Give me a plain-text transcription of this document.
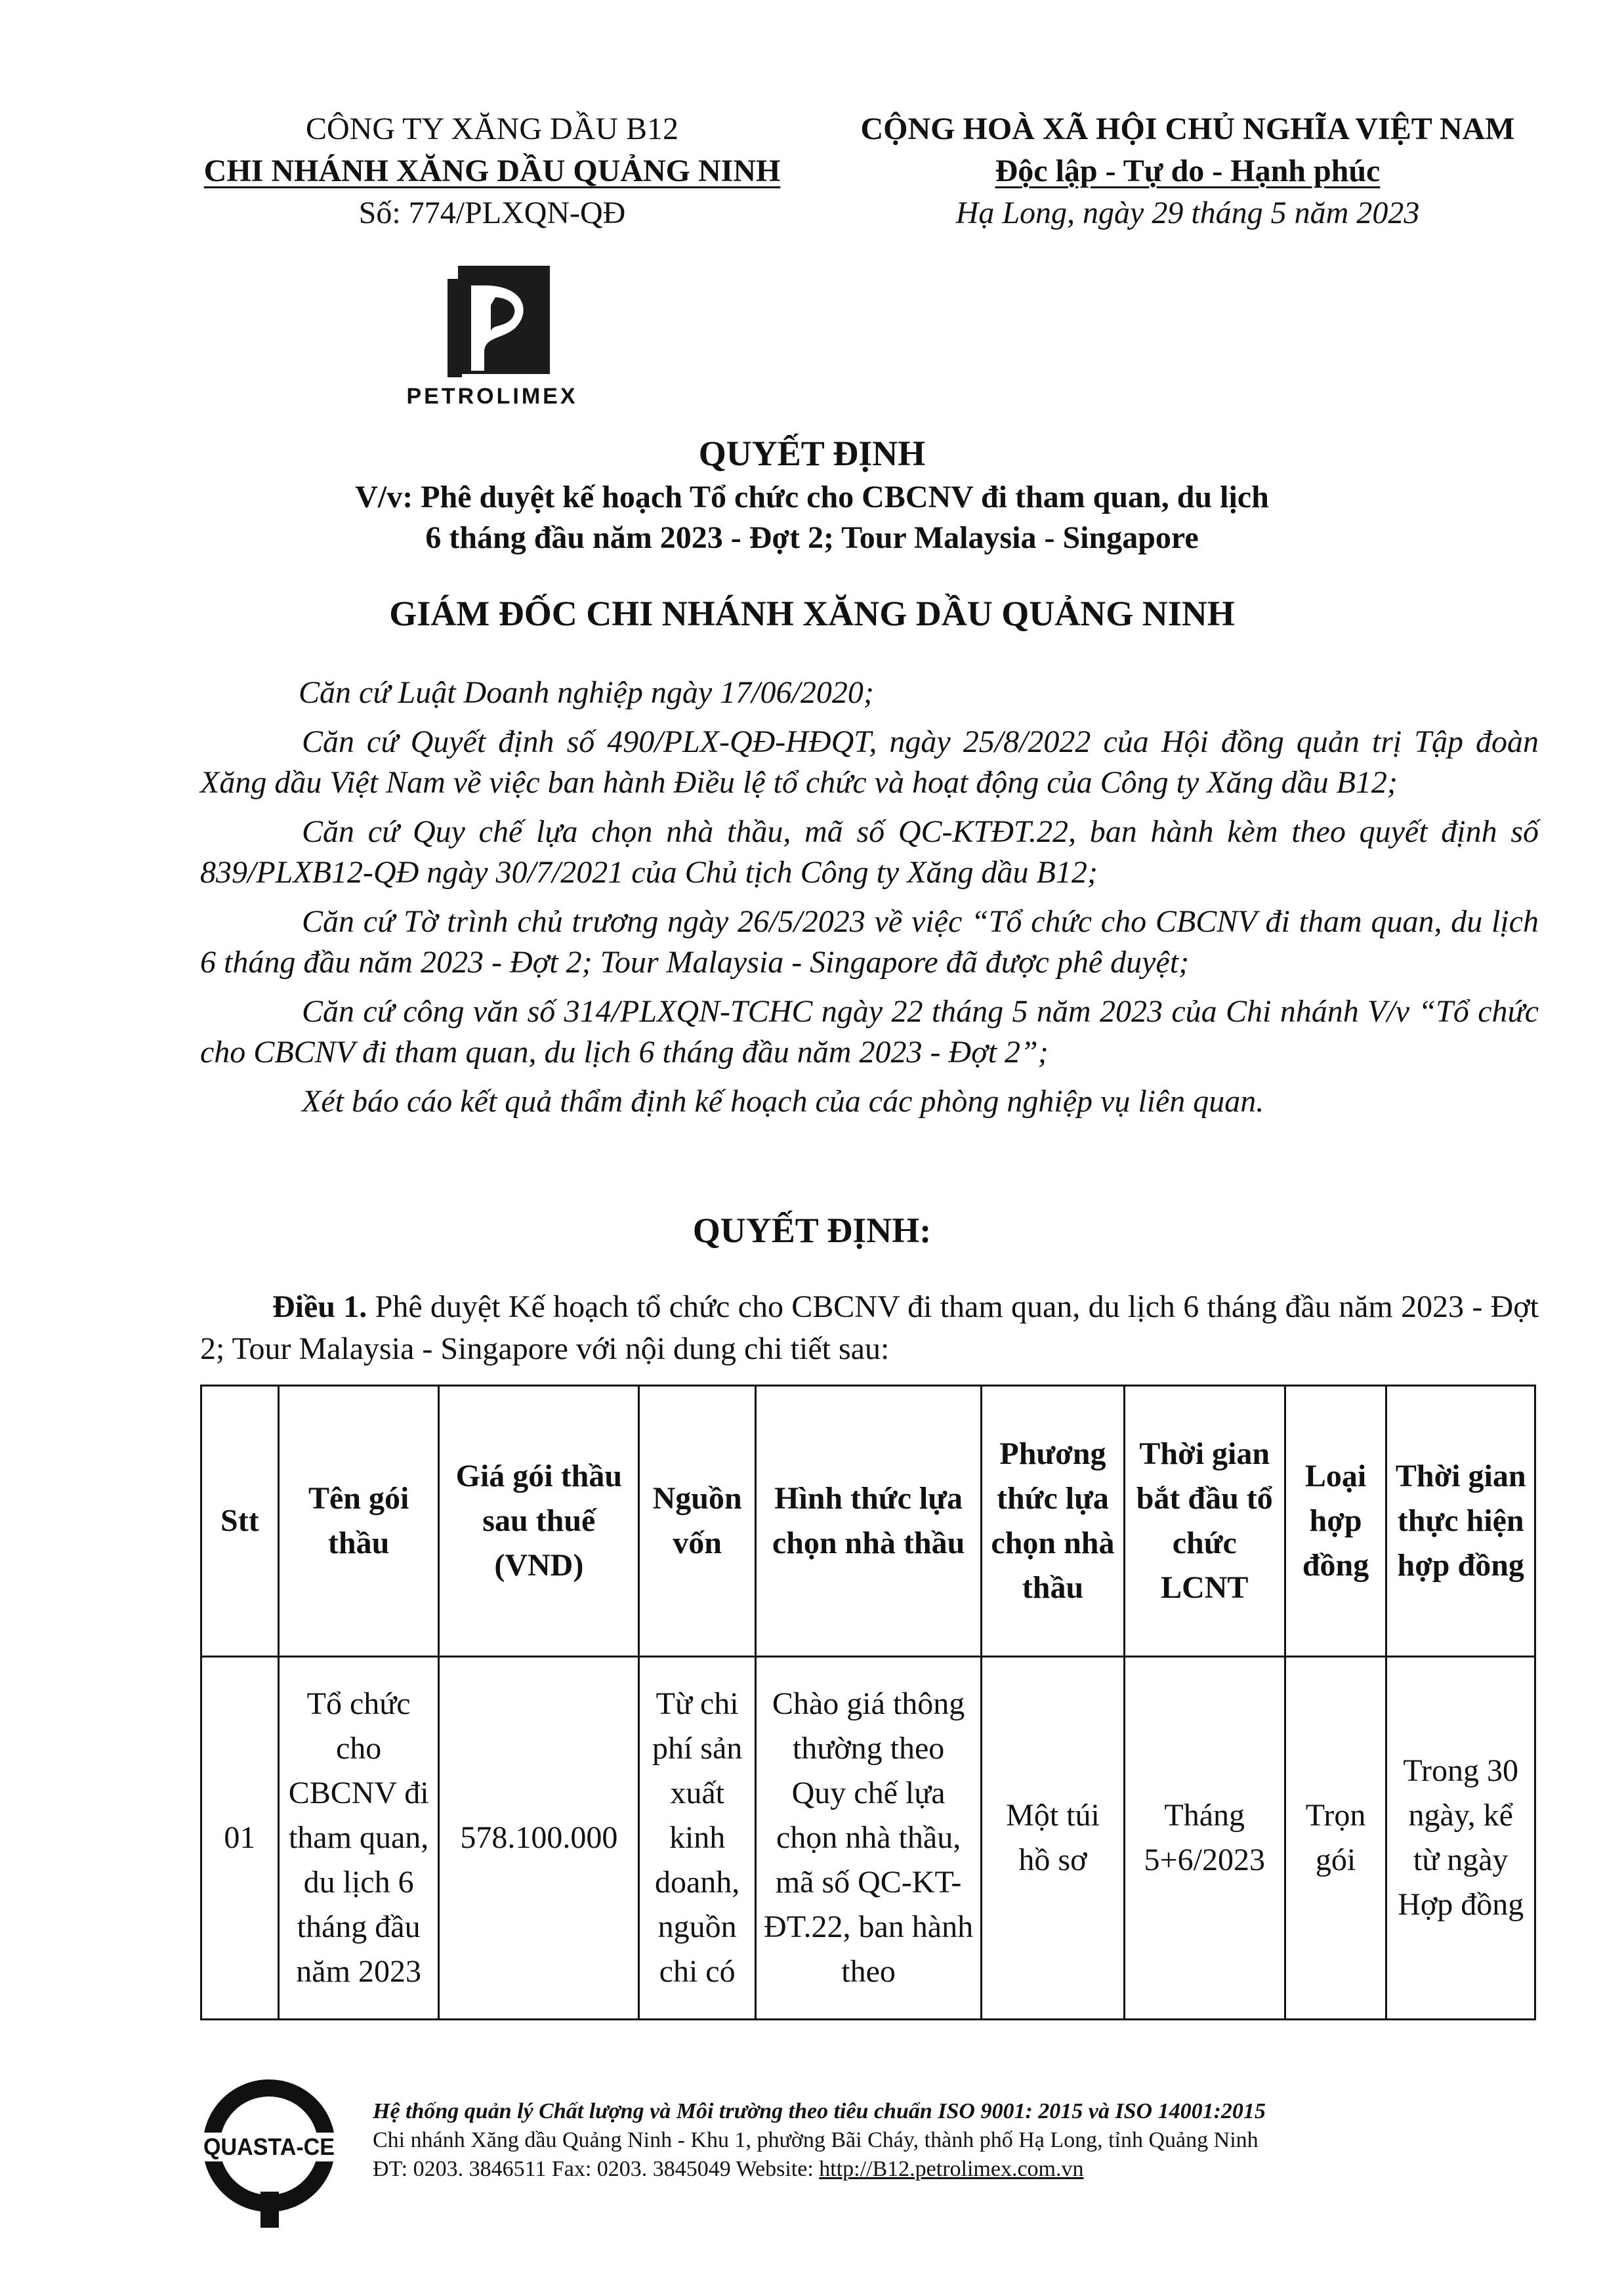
CÔNG TY XĂNG DẦU B12
CHI NHÁNH XĂNG DẦU QUẢNG NINH
Số: 774/PLXQN-QĐ
CỘNG HOÀ XÃ HỘI CHỦ NGHĨA VIỆT NAM
Độc lập - Tự do - Hạnh phúc
Hạ Long, ngày 29 tháng 5 năm 2023
PETROLIMEX
QUYẾT ĐỊNH
V/v: Phê duyệt kế hoạch Tổ chức cho CBCNV đi tham quan, du lịch
6 tháng đầu năm 2023 - Đợt 2; Tour Malaysia - Singapore
GIÁM ĐỐC CHI NHÁNH XĂNG DẦU QUẢNG NINH

Căn cứ Luật Doanh nghiệp ngày 17/06/2020;

Căn cứ Quyết định số 490/PLX-QĐ-HĐQT, ngày 25/8/2022 của Hội đồng quản trị Tập đoàn Xăng dầu Việt Nam về việc ban hành Điều lệ tổ chức và hoạt động của Công ty Xăng dầu B12;

Căn cứ Quy chế lựa chọn nhà thầu, mã số QC-KTĐT.22, ban hành kèm theo quyết định số 839/PLXB12-QĐ ngày 30/7/2021 của Chủ tịch Công ty Xăng dầu B12;

Căn cứ Tờ trình chủ trương ngày 26/5/2023 về việc “Tổ chức cho CBCNV đi tham quan, du lịch 6 tháng đầu năm 2023 - Đợt 2; Tour Malaysia - Singapore đã được phê duyệt;

Căn cứ công văn số 314/PLXQN-TCHC ngày 22 tháng 5 năm 2023 của Chi nhánh V/v “Tổ chức cho CBCNV đi tham quan, du lịch 6 tháng đầu năm 2023 - Đợt 2”;

Xét báo cáo kết quả thẩm định kế hoạch của các phòng nghiệp vụ liên quan.

QUYẾT ĐỊNH:
Điều 1. Phê duyệt Kế hoạch tổ chức cho CBCNV đi tham quan, du lịch 6 tháng đầu năm 2023 - Đợt 2; Tour Malaysia - Singapore với nội dung chi tiết sau:
Stt	Tên gói thầu	Giá gói thầu sau thuế (VND)	Nguồn vốn	Hình thức lựa chọn nhà thầu	Phương thức lựa chọn nhà thầu	Thời gian bắt đầu tổ chức LCNT	Loại hợp đồng	Thời gian thực hiện hợp đồng
01	Tổ chức cho CBCNV đi tham quan, du lịch 6 tháng đầu năm 2023	578.100.000	Từ chi phí sản xuất kinh doanh, nguồn chi có	Chào giá thông thường theo Quy chế lựa chọn nhà thầu, mã số QC-KT-ĐT.22, ban hành theo	Một túi hồ sơ	Tháng 5+6/2023	Trọn gói	Trong 30 ngày, kể từ ngày Hợp đồng
QUASTA-CE
Hệ thống quản lý Chất lượng và Môi trường theo tiêu chuẩn ISO 9001: 2015 và ISO 14001:2015
Chi nhánh Xăng dầu Quảng Ninh - Khu 1, phường Bãi Cháy, thành phố Hạ Long, tỉnh Quảng Ninh
ĐT: 0203. 3846511 Fax: 0203. 3845049 Website: http://B12.petrolimex.com.vn
